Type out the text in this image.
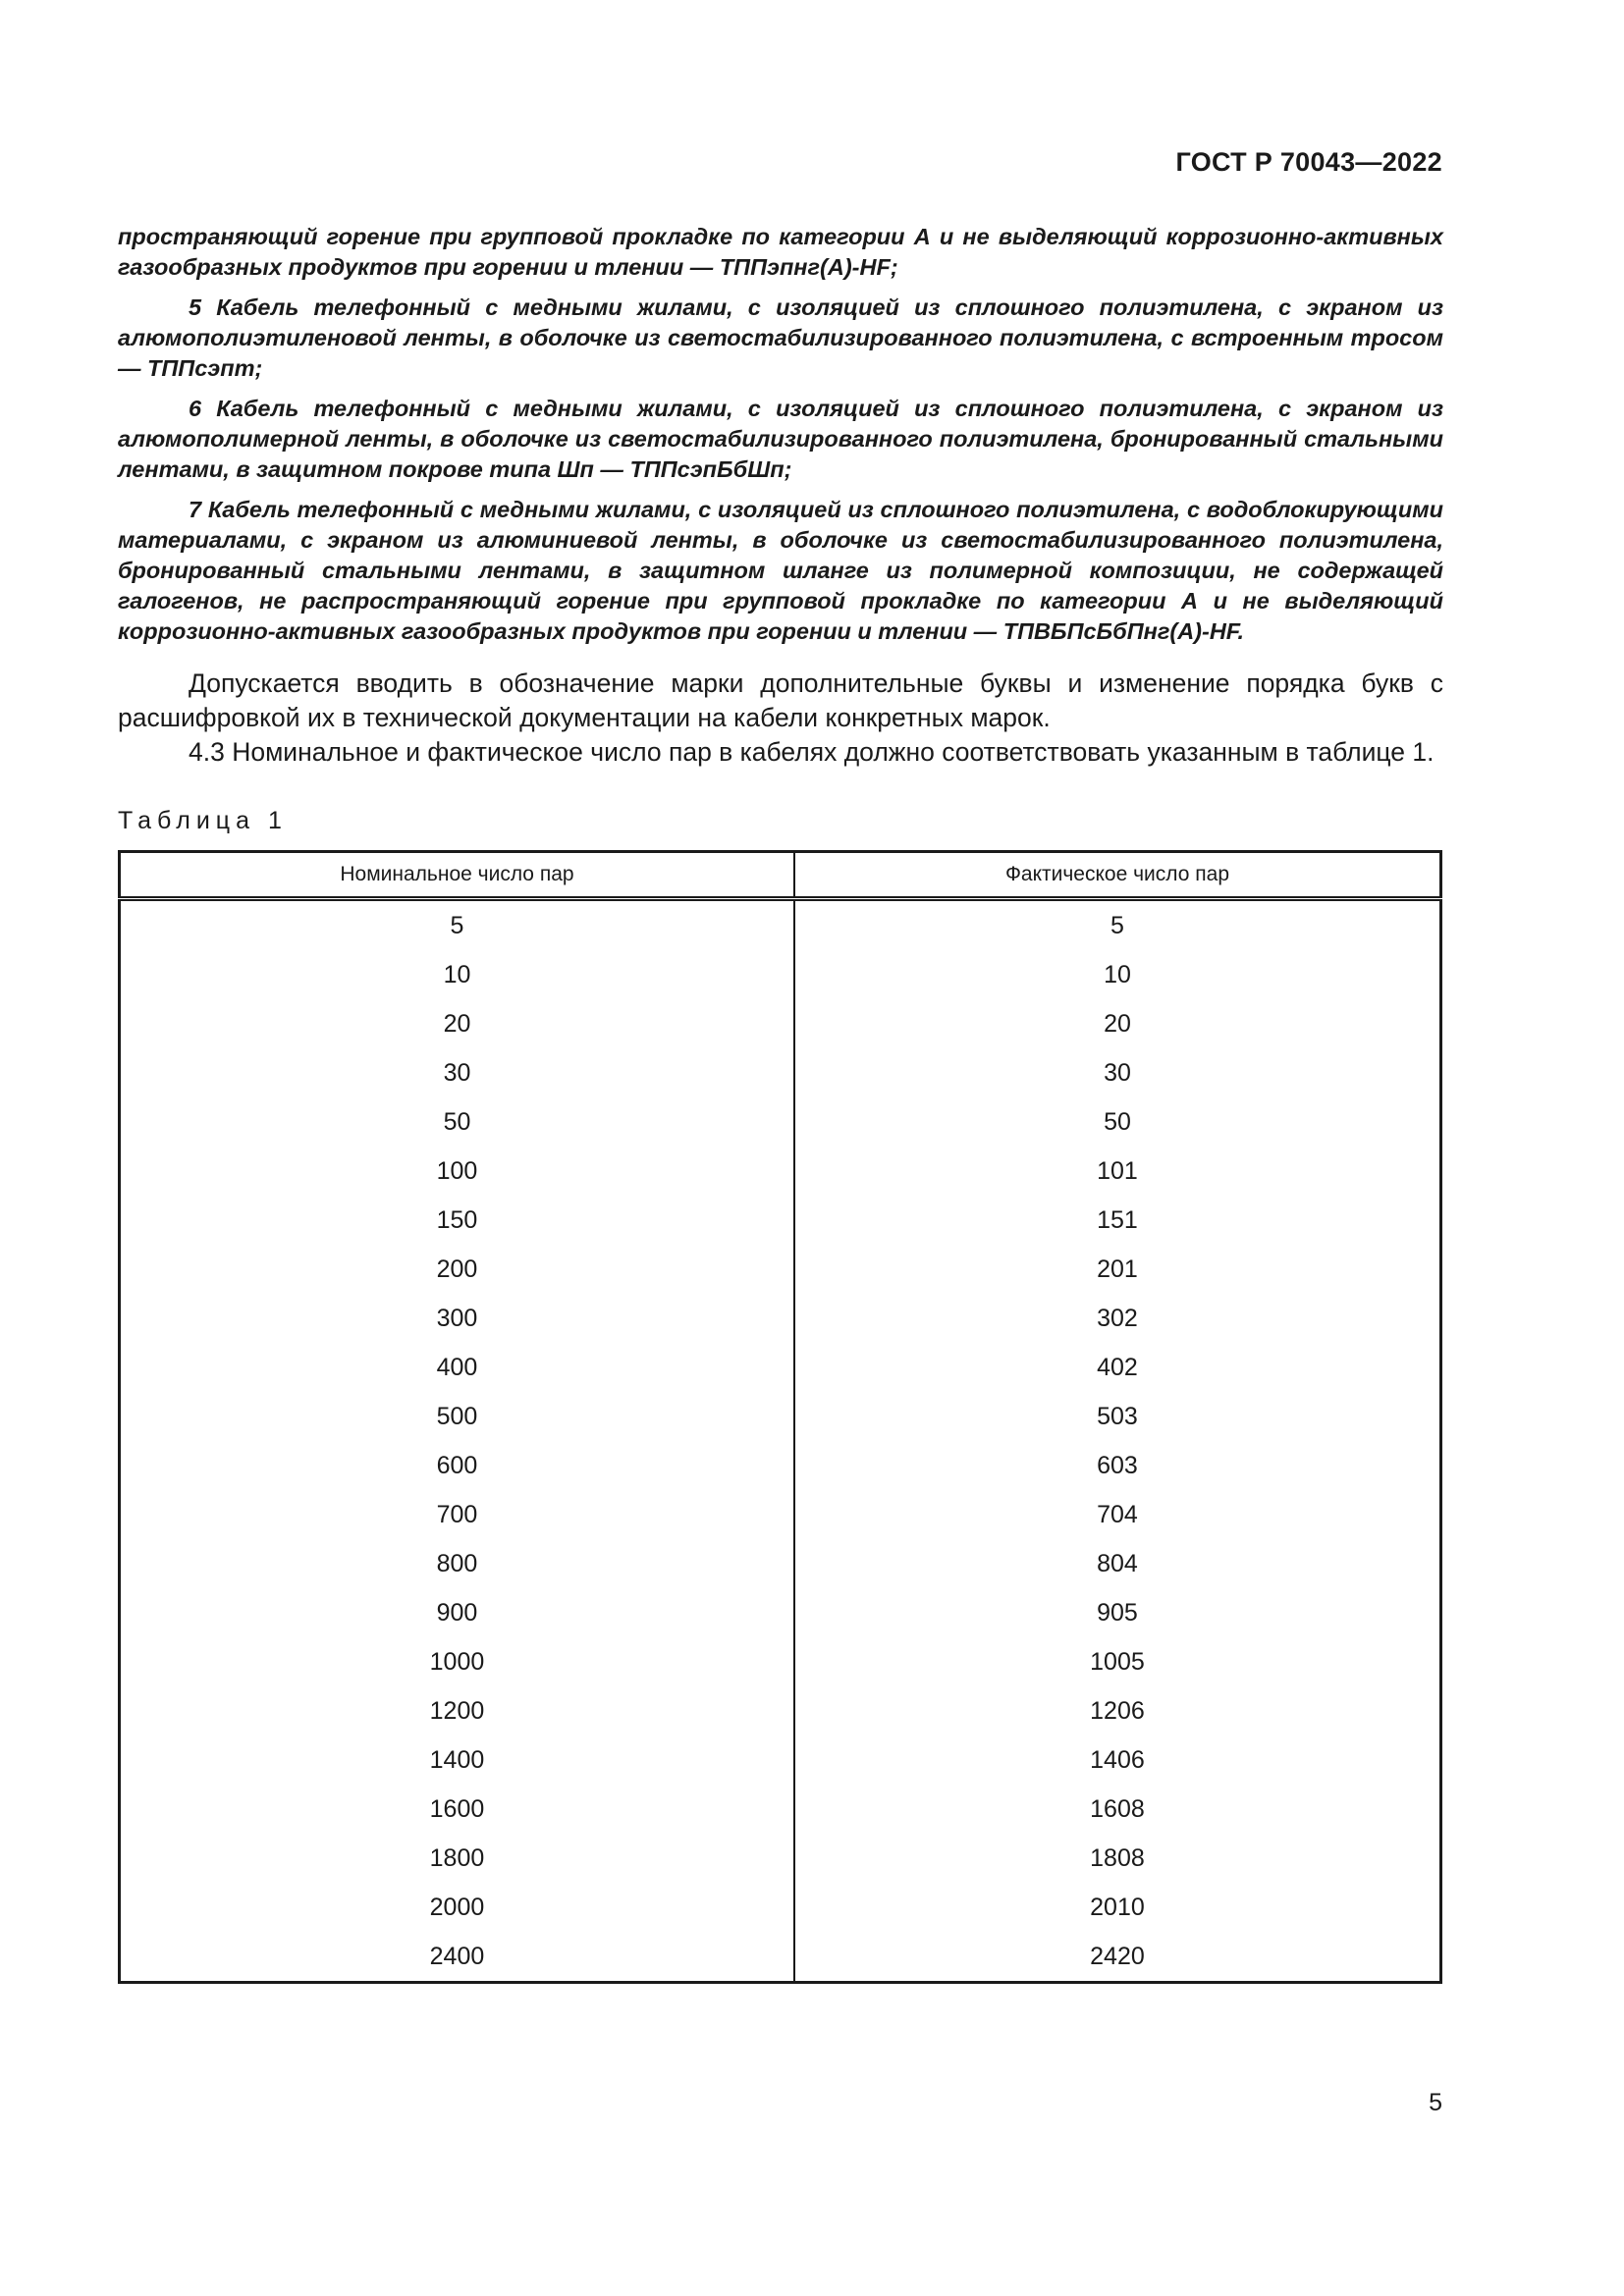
ГОСТ Р 70043—2022

пространяющий горение при групповой прокладке по категории А и не выделяющий коррозионно-активных газообразных продуктов при горении и тлении — ТППэпнг(А)-HF;

5 Кабель телефонный с медными жилами, с изоляцией из сплошного полиэтилена, с экраном из алюмополиэтиленовой ленты, в оболочке из светостабилизированного полиэтилена, с встроенным тросом — ТППсэпт;

6 Кабель телефонный с медными жилами, с изоляцией из сплошного полиэтилена, с экраном из алюмополимерной ленты, в оболочке из светостабилизированного полиэтилена, бронированный стальными лентами, в защитном покрове типа Шп — ТППсэпБбШп;

7 Кабель телефонный с медными жилами, с изоляцией из сплошного полиэтилена, с водоблокирующими материалами, с экраном из алюминиевой ленты, в оболочке из светостабилизированного полиэтилена, бронированный стальными лентами, в защитном шланге из полимерной композиции, не содержащей галогенов, не распространяющий горение при групповой прокладке по категории А и не выделяющий коррозионно-активных газообразных продуктов при горении и тлении — ТПВБПсБбПнг(А)-HF.

Допускается вводить в обозначение марки дополнительные буквы и изменение порядка букв с расшифровкой их в технической документации на кабели конкретных марок.

4.3 Номинальное и фактическое число пар в кабелях должно соответствовать указанным в таблице 1.

Таблица 1
Номинальное число пар	Фактическое число пар
5	5
10	10
20	20
30	30
50	50
100	101
150	151
200	201
300	302
400	402
500	503
600	603
700	704
800	804
900	905
1000	1005
1200	1206
1400	1406
1600	1608
1800	1808
2000	2010
2400	2420
5
